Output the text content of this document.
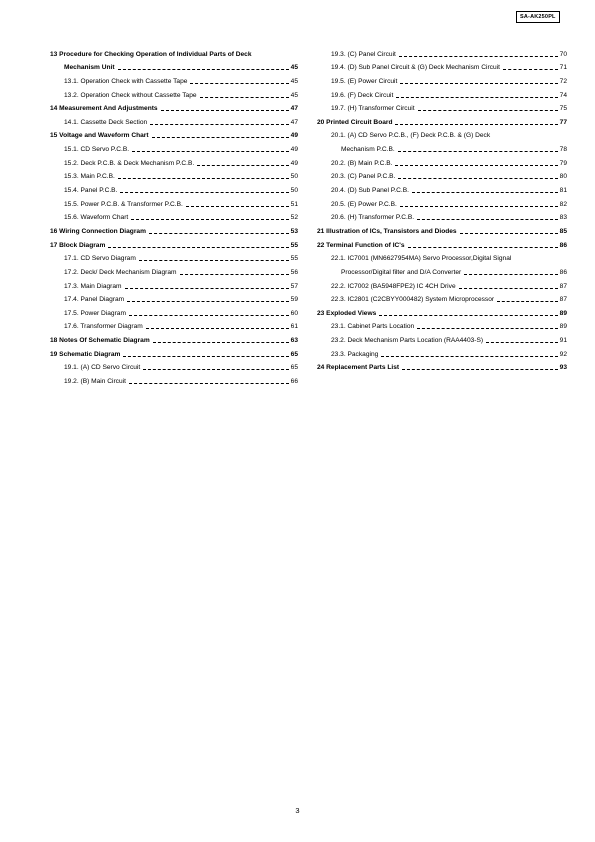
SA-AK250PL
13 Procedure for Checking Operation of Individual Parts of Deck
Mechanism Unit	45
13.1. Operation Check with Cassette Tape	45
13.2. Operation Check without Cassette Tape	45
14 Measurement And Adjustments	47
14.1. Cassette Deck Section	47
15 Voltage and Waveform Chart	49
15.1. CD Servo P.C.B.	49
15.2. Deck P.C.B. & Deck Mechanism P.C.B.	49
15.3. Main P.C.B.	50
15.4. Panel P.C.B.	50
15.5. Power P.C.B. & Transformer P.C.B.	51
15.6. Waveform Chart	52
16 Wiring Connection Diagram	53
17 Block Diagram	55
17.1. CD Servo Diagram	55
17.2. Deck/ Deck Mechanism Diagram	56
17.3. Main Diagram	57
17.4. Panel Diagram	59
17.5. Power Diagram	60
17.6. Transformer Diagram	61
18 Notes Of Schematic Diagram	63
19 Schematic Diagram	65
19.1. (A) CD Servo Circuit	65
19.2. (B) Main Circuit	66
19.3. (C) Panel Circuit	70
19.4. (D) Sub Panel Circuit & (G) Deck Mechanism Circuit	71
19.5. (E) Power Circuit	72
19.6. (F) Deck Circuit	74
19.7. (H) Transformer Circuit	75
20 Printed Circuit Board	77
20.1. (A) CD Servo P.C.B., (F) Deck P.C.B. & (G) Deck
Mechanism P.C.B.	78
20.2. (B) Main P.C.B.	79
20.3. (C) Panel P.C.B.	80
20.4. (D) Sub Panel P.C.B.	81
20.5. (E) Power P.C.B.	82
20.6. (H) Transformer P.C.B.	83
21 Illustration of ICs, Transistors and Diodes	85
22 Terminal Function of IC's	86
22.1. IC7001 (MN6627954MA) Servo Processor,Digital Signal
Processor/Digital filter and D/A Converter	86
22.2. IC7002 (BA5948FPE2) IC 4CH Drive	87
22.3. IC2801 (C2CBYY000482) System Microprocessor	87
23 Exploded Views	89
23.1. Cabinet Parts Location	89
23.2. Deck Mechanism Parts Location (RAA4403-S)	91
23.3. Packaging	92
24 Replacement Parts List	93
3
